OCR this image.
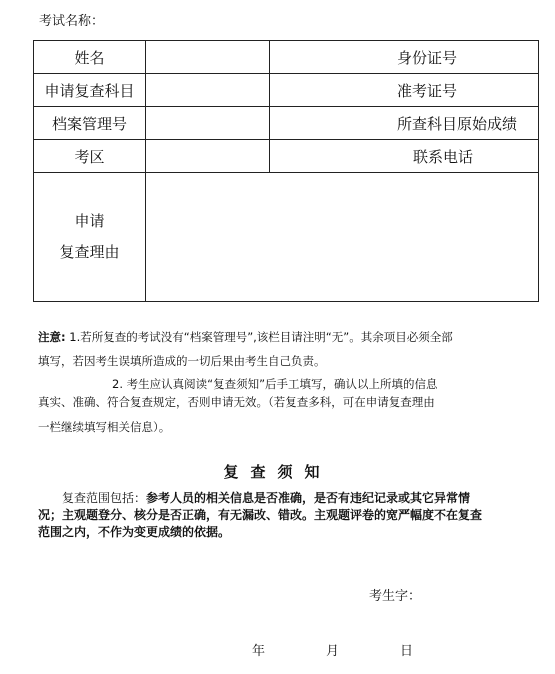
考试名称：
姓名		身份证号
申请复查科目		准考证号
档案管理号		所查科目原始成绩
考区		联系电话

申请
复查理由		

注意: 1.若所复查的考试没有“档案管理号”,该栏目请注明“无”。其余项目必须全部
填写，若因考生误填所造成的一切后果由考生自己负责。
2. 考生应认真阅读“复查须知”后手工填写，确认以上所填的信息
真实、准确、符合复查规定，否则申请无效。（若复查多科，可在申请复查理由
一栏继续填写相关信息）。
复查须知
复查范围包括：参考人员的相关信息是否准确，是否有违纪记录或其它异常情况；主观题登分、核分是否正确，有无漏改、错改。主观题评卷的宽严幅度不在复查范围之内，不作为变更成绩的依据。
考生字：
年	月	日
